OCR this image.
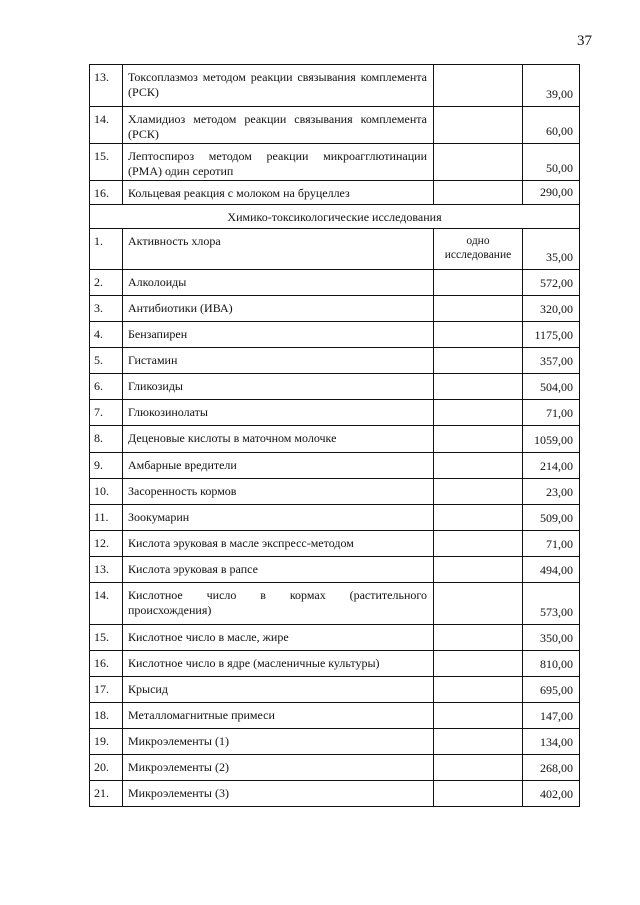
37
13.	Токсоплазмоз методом реакции связывания комплемента (РСК)		39,00
14.	Хламидиоз методом реакции связывания комплемента (РСК)		60,00
15.	Лептоспироз методом реакции микроагглютинации (РМА) один серотип		50,00
16.	Кольцевая реакция с молоком на бруцеллез		290,00
Химико-токсикологические исследования			
1.	Активность хлора	одно исследование	35,00
2.	Алколоиды		572,00
3.	Антибиотики (ИВА)		320,00
4.	Бензапирен		1175,00
5.	Гистамин		357,00
6.	Гликозиды		504,00
7.	Глюкозинолаты		71,00
8.	Деценовые кислоты в маточном молочке		1059,00
9.	Амбарные вредители		214,00
10.	Засоренность кормов		23,00
11.	Зоокумарин		509,00
12.	Кислота эруковая в масле экспресс-методом		71,00
13.	Кислота эруковая в рапсе		494,00
14.	Кислотное число в кормах (растительного происхождения)		573,00
15.	Кислотное число в масле, жире		350,00
16.	Кислотное число в ядре (масленичные культуры)		810,00
17.	Крысид		695,00
18.	Металломагнитные примеси		147,00
19.	Микроэлементы (1)		134,00
20.	Микроэлементы (2)		268,00
21.	Микроэлементы (3)		402,00
